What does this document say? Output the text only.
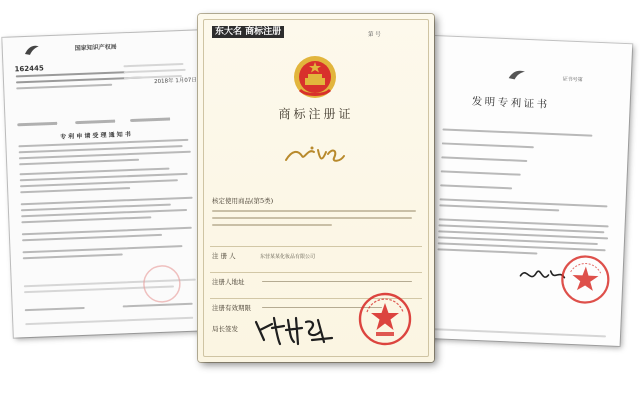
国家知识产权局
162445
2018年 1月07日
专 利 申 请 受 理 通 知 书
证书号第
发明专利证书
东大名 商标注册	第 号
商标注册证
核定使用商品(第5类)
注 册 人	东营某某化妆品有限公司
注册人地址
注册有效期限
局长签发
